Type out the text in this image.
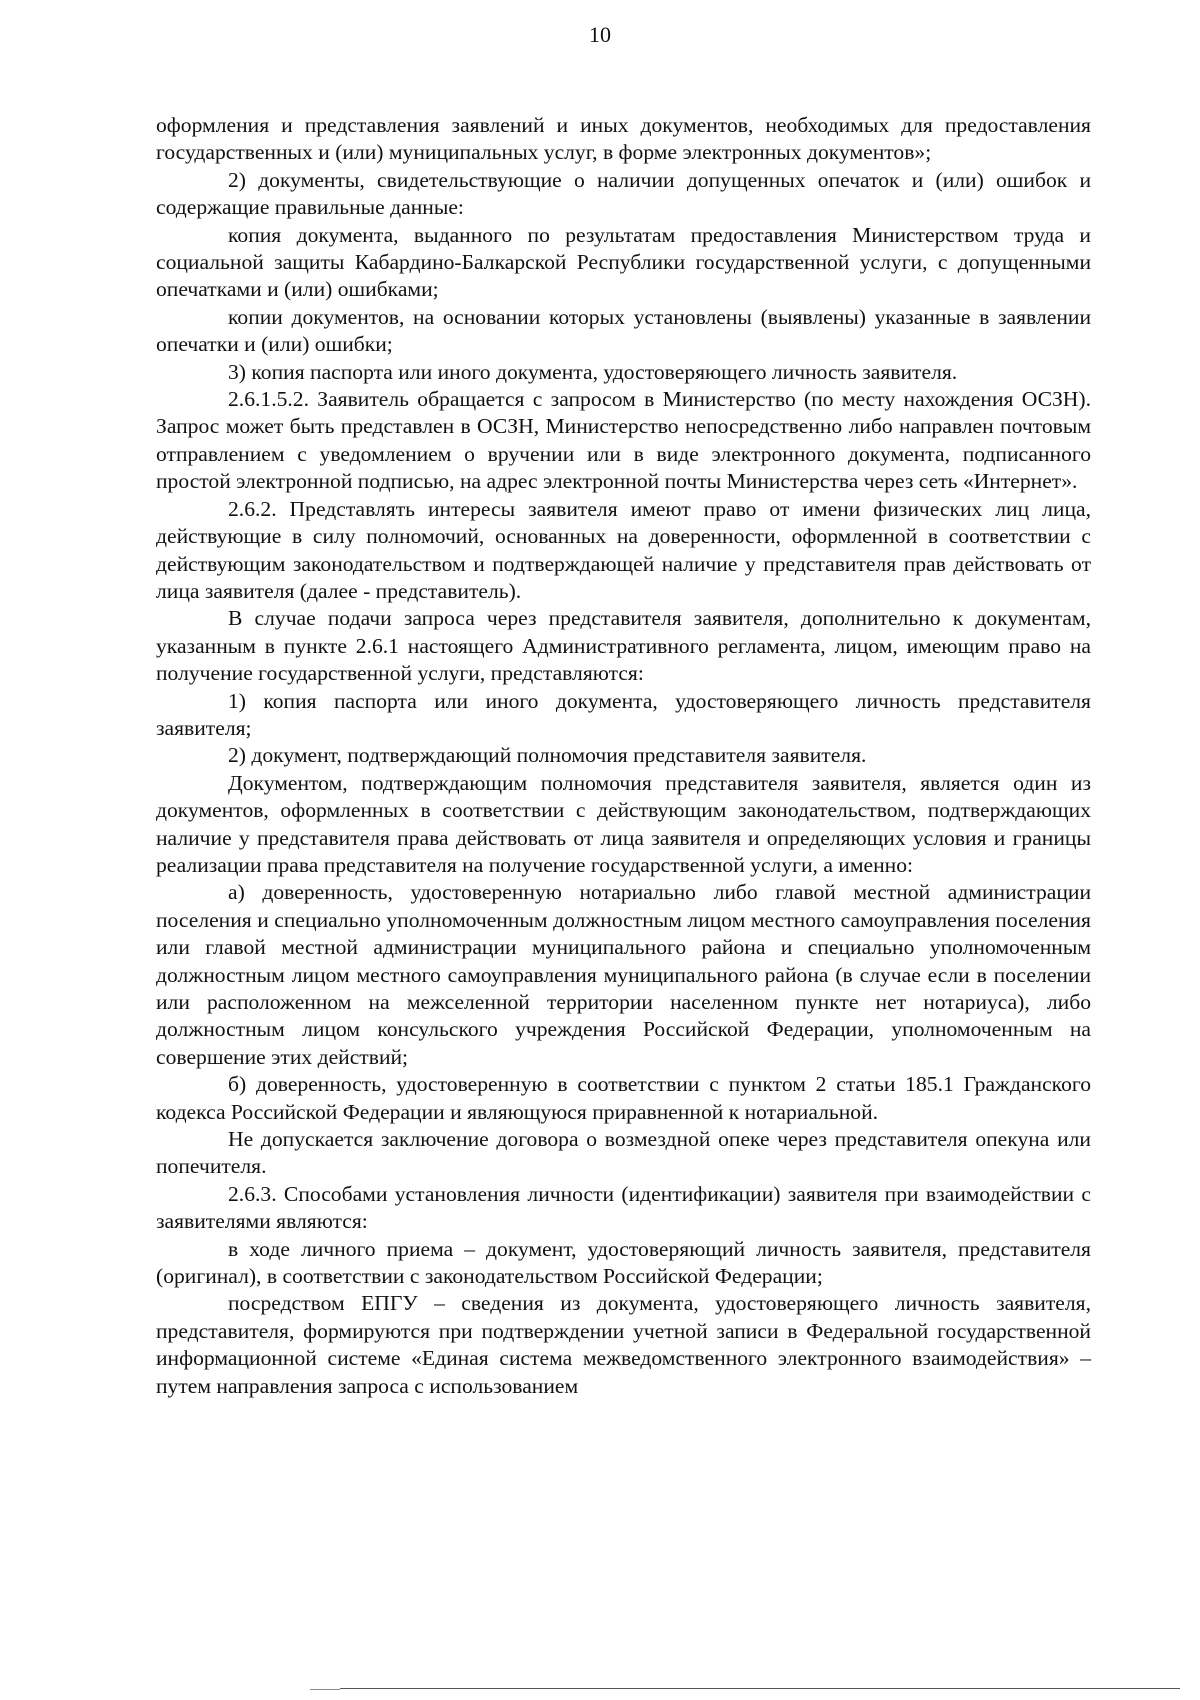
10

оформления и представления заявлений и иных документов, необходимых для предоставления государственных и (или) муниципальных услуг, в форме электронных документов»;

2) документы, свидетельствующие о наличии допущенных опечаток и (или) ошибок и содержащие правильные данные:

копия документа, выданного по результатам предоставления Министерством труда и социальной защиты Кабардино-Балкарской Республики государственной услуги, с допущенными опечатками и (или) ошибками;

копии документов, на основании которых установлены (выявлены) указанные в заявлении опечатки и (или) ошибки;

3) копия паспорта или иного документа, удостоверяющего личность заявителя.

2.6.1.5.2. Заявитель обращается с запросом в Министерство (по месту нахождения ОСЗН). Запрос может быть представлен в ОСЗН, Министерство непосредственно либо направлен почтовым отправлением с уведомлением о вручении или в виде электронного документа, подписанного простой электронной подписью, на адрес электронной почты Министерства через сеть «Интернет».

2.6.2. Представлять интересы заявителя имеют право от имени физических лиц лица, действующие в силу полномочий, основанных на доверенности, оформленной в соответствии с действующим законодательством и подтверждающей наличие у представителя прав действовать от лица заявителя (далее - представитель).

В случае подачи запроса через представителя заявителя, дополнительно к документам, указанным в пункте 2.6.1 настоящего Административного регламента, лицом, имеющим право на получение государственной услуги, представляются:

1) копия паспорта или иного документа, удостоверяющего личность представителя заявителя;

2) документ, подтверждающий полномочия представителя заявителя.

Документом, подтверждающим полномочия представителя заявителя, является один из документов, оформленных в соответствии с действующим законодательством, подтверждающих наличие у представителя права действовать от лица заявителя и определяющих условия и границы реализации права представителя на получение государственной услуги, а именно:

а) доверенность, удостоверенную нотариально либо главой местной администрации поселения и специально уполномоченным должностным лицом местного самоуправления поселения или главой местной администрации муниципального района и специально уполномоченным должностным лицом местного самоуправления муниципального района (в случае если в поселении или расположенном на межселенной территории населенном пункте нет нотариуса), либо должностным лицом консульского учреждения Российской Федерации, уполномоченным на совершение этих действий;

б) доверенность, удостоверенную в соответствии с пунктом 2 статьи 185.1 Гражданского кодекса Российской Федерации и являющуюся приравненной к нотариальной.

Не допускается заключение договора о возмездной опеке через представителя опекуна или попечителя.

2.6.3. Способами установления личности (идентификации) заявителя при взаимодействии с заявителями являются:

в ходе личного приема – документ, удостоверяющий личность заявителя, представителя (оригинал), в соответствии с законодательством Российской Федерации;

посредством ЕПГУ – сведения из документа, удостоверяющего личность заявителя, представителя, формируются при подтверждении учетной записи в Федеральной государственной информационной системе «Единая система межведомственного электронного взаимодействия» – путем направления запроса с использованием
